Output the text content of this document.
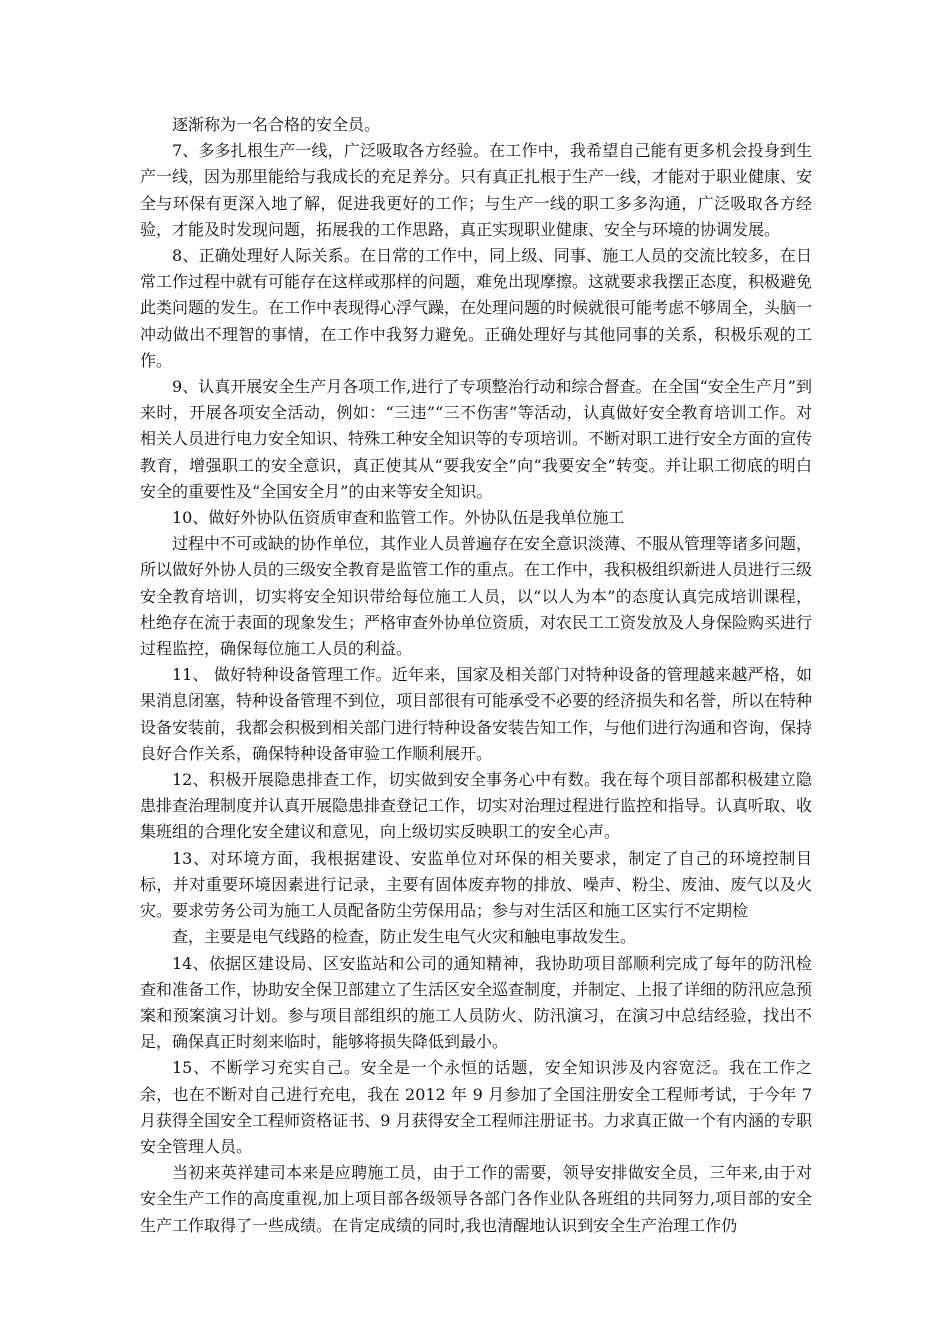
逐渐称为一名合格的安全员。

7、多多扎根生产一线，广泛吸取各方经验。在工作中，我希望自己能有更多机会投身到生产一线，因为那里能给与我成长的充足养分。只有真正扎根于生产一线，才能对于职业健康、安全与环保有更深入地了解，促进我更好的工作；与生产一线的职工多多沟通，广泛吸取各方经验，才能及时发现问题，拓展我的工作思路，真正实现职业健康、安全与环境的协调发展。

8、正确处理好人际关系。在日常的工作中，同上级、同事、施工人员的交流比较多，在日常工作过程中就有可能存在这样或那样的问题，难免出现摩擦。这就要求我摆正态度，积极避免此类问题的发生。在工作中表现得心浮气躁，在处理问题的时候就很可能考虑不够周全，头脑一冲动做出不理智的事情，在工作中我努力避免。正确处理好与其他同事的关系，积极乐观的工作。

9、认真开展安全生产月各项工作,进行了专项整治行动和综合督查。在全国“安全生产月”到来时，开展各项安全活动，例如：“三违”“三不伤害”等活动，认真做好安全教育培训工作。对相关人员进行电力安全知识、特殊工种安全知识等的专项培训。不断对职工进行安全方面的宣传教育，增强职工的安全意识，真正使其从“要我安全”向“我要安全”转变。并让职工彻底的明白安全的重要性及“全国安全月”的由来等安全知识。

10、做好外协队伍资质审查和监管工作。外协队伍是我单位施工

过程中不可或缺的协作单位，其作业人员普遍存在安全意识淡薄、不服从管理等诸多问题，所以做好外协人员的三级安全教育是监管工作的重点。在工作中，我积极组织新进人员进行三级安全教育培训，切实将安全知识带给每位施工人员，以“以人为本”的态度认真完成培训课程，杜绝存在流于表面的现象发生；严格审查外协单位资质，对农民工工资发放及人身保险购买进行过程监控，确保每位施工人员的利益。

11、 做好特种设备管理工作。近年来，国家及相关部门对特种设备的管理越来越严格，如果消息闭塞，特种设备管理不到位，项目部很有可能承受不必要的经济损失和名誉，所以在特种设备安装前，我都会积极到相关部门进行特种设备安装告知工作，与他们进行沟通和咨询，保持良好合作关系，确保特种设备审验工作顺利展开。

12、积极开展隐患排查工作，切实做到安全事务心中有数。我在每个项目部都积极建立隐患排查治理制度并认真开展隐患排查登记工作，切实对治理过程进行监控和指导。认真听取、收集班组的合理化安全建议和意见，向上级切实反映职工的安全心声。

13、对环境方面，我根据建设、安监单位对环保的相关要求，制定了自己的环境控制目标，并对重要环境因素进行记录，主要有固体废弃物的排放、噪声、粉尘、废油、废气以及火灾。要求劳务公司为施工人员配备防尘劳保用品；参与对生活区和施工区实行不定期检

查，主要是电气线路的检查，防止发生电气火灾和触电事故发生。

14、依据区建设局、区安监站和公司的通知精神，我协助项目部顺利完成了每年的防汛检查和准备工作，协助安全保卫部建立了生活区安全巡查制度，并制定、上报了详细的防汛应急预案和预案演习计划。参与项目部组织的施工人员防火、防汛演习，在演习中总结经验，找出不足，确保真正时刻来临时，能够将损失降低到最小。

15、不断学习充实自己。安全是一个永恒的话题，安全知识涉及内容宽泛。我在工作之余，也在不断对自己进行充电，我在 2012 年 9 月参加了全国注册安全工程师考试，于今年 7 月获得全国安全工程师资格证书、9 月获得安全工程师注册证书。力求真正做一个有内涵的专职安全管理人员。

当初来英祥建司本来是应聘施工员，由于工作的需要，领导安排做安全员，三年来,由于对安全生产工作的高度重视,加上项目部各级领导各部门各作业队各班组的共同努力,项目部的安全生产工作取得了一些成绩。在肯定成绩的同时,我也清醒地认识到安全生产治理工作仍
